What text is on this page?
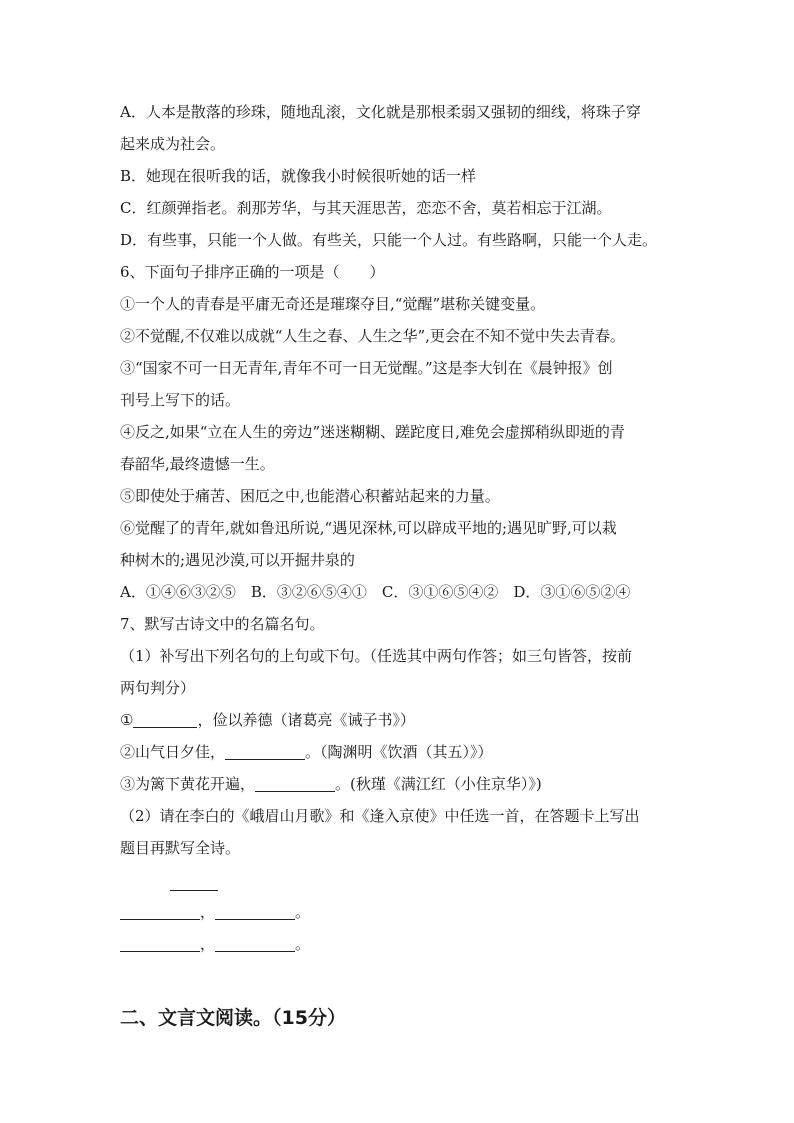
A．人本是散落的珍珠，随地乱滚，文化就是那根柔弱又强韧的细线，将珠子穿
起来成为社会。
B．她现在很听我的话，就像我小时候很听她的话一样
C．红颜弹指老。刹那芳华，与其天涯思苦，恋恋不舍，莫若相忘于江湖。
D．有些事，只能一个人做。有些关，只能一个人过。有些路啊，只能一个人走。
6、下面句子排序正确的一项是（　　）
①一个人的青春是平庸无奇还是璀璨夺目,“觉醒”堪称关键变量。
②不觉醒,不仅难以成就“人生之春、人生之华”,更会在不知不觉中失去青春。
③“国家不可一日无青年,青年不可一日无觉醒。”这是李大钊在《晨钟报》创
刊号上写下的话。
④反之,如果“立在人生的旁边”迷迷糊糊、蹉跎度日,难免会虚掷稍纵即逝的青
春韶华,最终遗憾一生。
⑤即使处于痛苦、困厄之中,也能潜心积蓄站起来的力量。
⑥觉醒了的青年,就如鲁迅所说,“遇见深林,可以辟成平地的;遇见旷野,可以栽
种树木的;遇见沙漠,可以开掘井泉的
A．①④⑥③②⑤　B．③②⑥⑤④①　C．③①⑥⑤④②　D．③①⑥⑤②④
7、默写古诗文中的名篇名句。
（1）补写出下列名句的上句或下句。（任选其中两句作答；如三句皆答，按前
两句判分）
①	，俭以养德（诸葛亮《诫子书》）
②山气日夕佳，	。（陶渊明《饮酒（其五）》）
③为篱下黄花开遍，	。(秋瑾《满江红（小住京华）》)
（2）请在李白的《峨眉山月歌》和《逢入京使》中任选一首，在答题卡上写出
题目再默写全诗。
，	。
，	。
二、文言文阅读。（15分）
